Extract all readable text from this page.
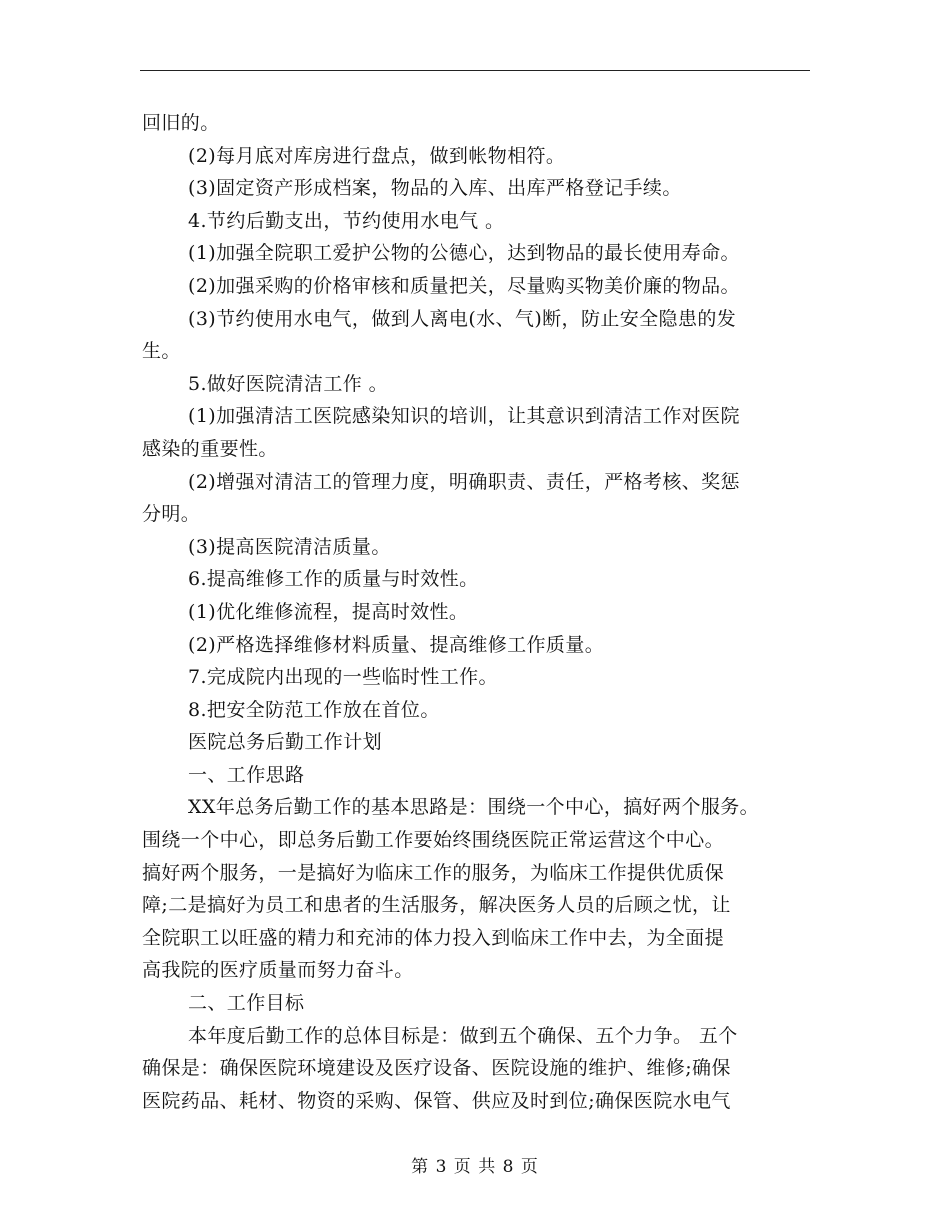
回旧的。
(2)每月底对库房进行盘点，做到帐物相符。
(3)固定资产形成档案，物品的入库、出库严格登记手续。
4.节约后勤支出，节约使用水电气 。
(1)加强全院职工爱护公物的公德心，达到物品的最长使用寿命。
(2)加强采购的价格审核和质量把关，尽量购买物美价廉的物品。
(3)节约使用水电气，做到人离电(水、气)断，防止安全隐患的发
生。
5.做好医院清洁工作 。
(1)加强清洁工医院感染知识的培训，让其意识到清洁工作对医院
感染的重要性。
(2)增强对清洁工的管理力度，明确职责、责任，严格考核、奖惩
分明。
(3)提高医院清洁质量。
6.提高维修工作的质量与时效性。
(1)优化维修流程，提高时效性。
(2)严格选择维修材料质量、提高维修工作质量。
7.完成院内出现的一些临时性工作。
8.把安全防范工作放在首位。
医院总务后勤工作计划
一、工作思路
XX年总务后勤工作的基本思路是：围绕一个中心，搞好两个服务。
围绕一个中心，即总务后勤工作要始终围绕医院正常运营这个中心。
搞好两个服务，一是搞好为临床工作的服务，为临床工作提供优质保
障;二是搞好为员工和患者的生活服务，解决医务人员的后顾之忧，让
全院职工以旺盛的精力和充沛的体力投入到临床工作中去，为全面提
高我院的医疗质量而努力奋斗。
二、工作目标
本年度后勤工作的总体目标是：做到五个确保、五个力争。 五个
确保是：确保医院环境建设及医疗设备、医院设施的维护、维修;确保
医院药品、耗材、物资的采购、保管、供应及时到位;确保医院水电气
第 3 页 共 8 页
